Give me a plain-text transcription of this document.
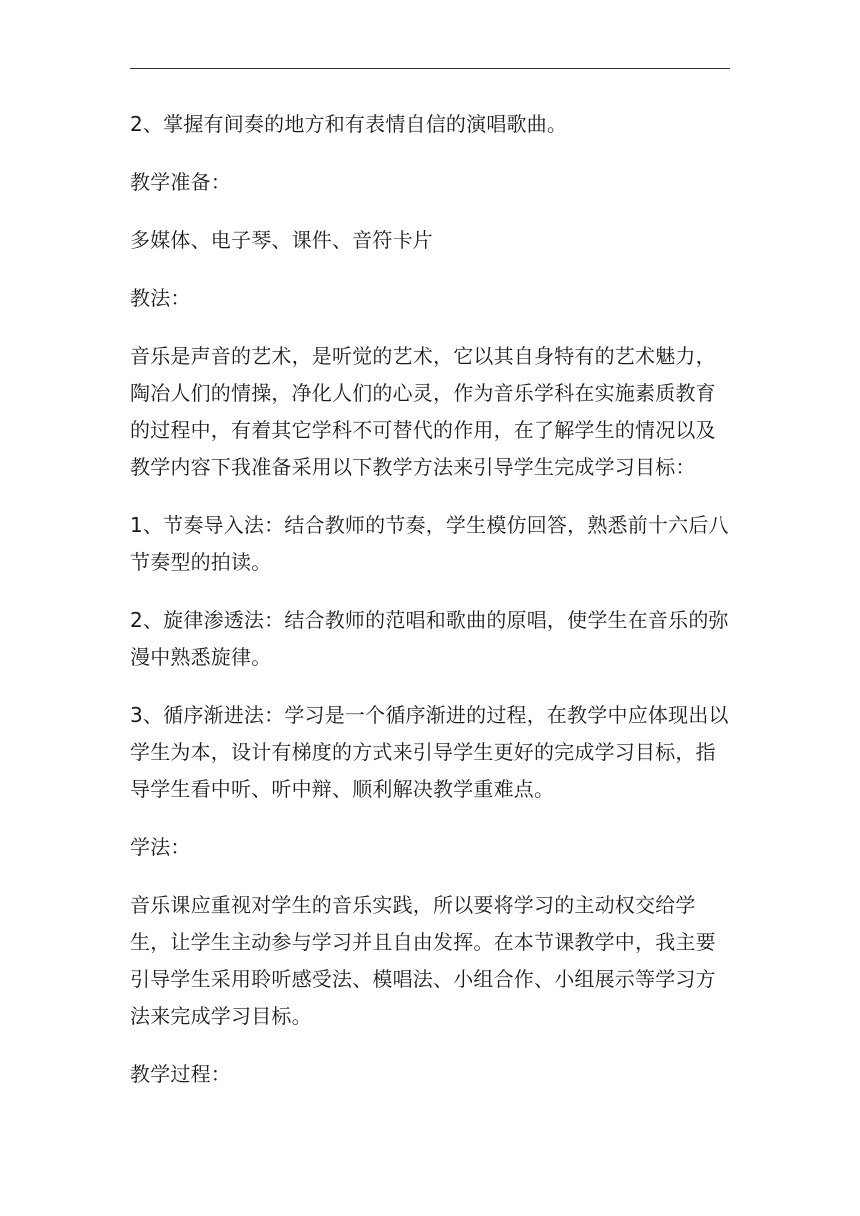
2、掌握有间奏的地方和有表情自信的演唱歌曲。

教学准备：

多媒体、电子琴、课件、音符卡片

教法：

音乐是声音的艺术，是听觉的艺术，它以其自身特有的艺术魅力，陶冶人们的情操，净化人们的心灵，作为音乐学科在实施素质教育的过程中，有着其它学科不可替代的作用，在了解学生的情况以及教学内容下我准备采用以下教学方法来引导学生完成学习目标：

1、节奏导入法：结合教师的节奏，学生模仿回答，熟悉前十六后八节奏型的拍读。

2、旋律渗透法：结合教师的范唱和歌曲的原唱，使学生在音乐的弥漫中熟悉旋律。

3、循序渐进法：学习是一个循序渐进的过程，在教学中应体现出以学生为本，设计有梯度的方式来引导学生更好的完成学习目标，指导学生看中听、听中辩、顺利解决教学重难点。

学法：

音乐课应重视对学生的音乐实践，所以要将学习的主动权交给学生，让学生主动参与学习并且自由发挥。在本节课教学中，我主要引导学生采用聆听感受法、模唱法、小组合作、小组展示等学习方法来完成学习目标。

教学过程：
